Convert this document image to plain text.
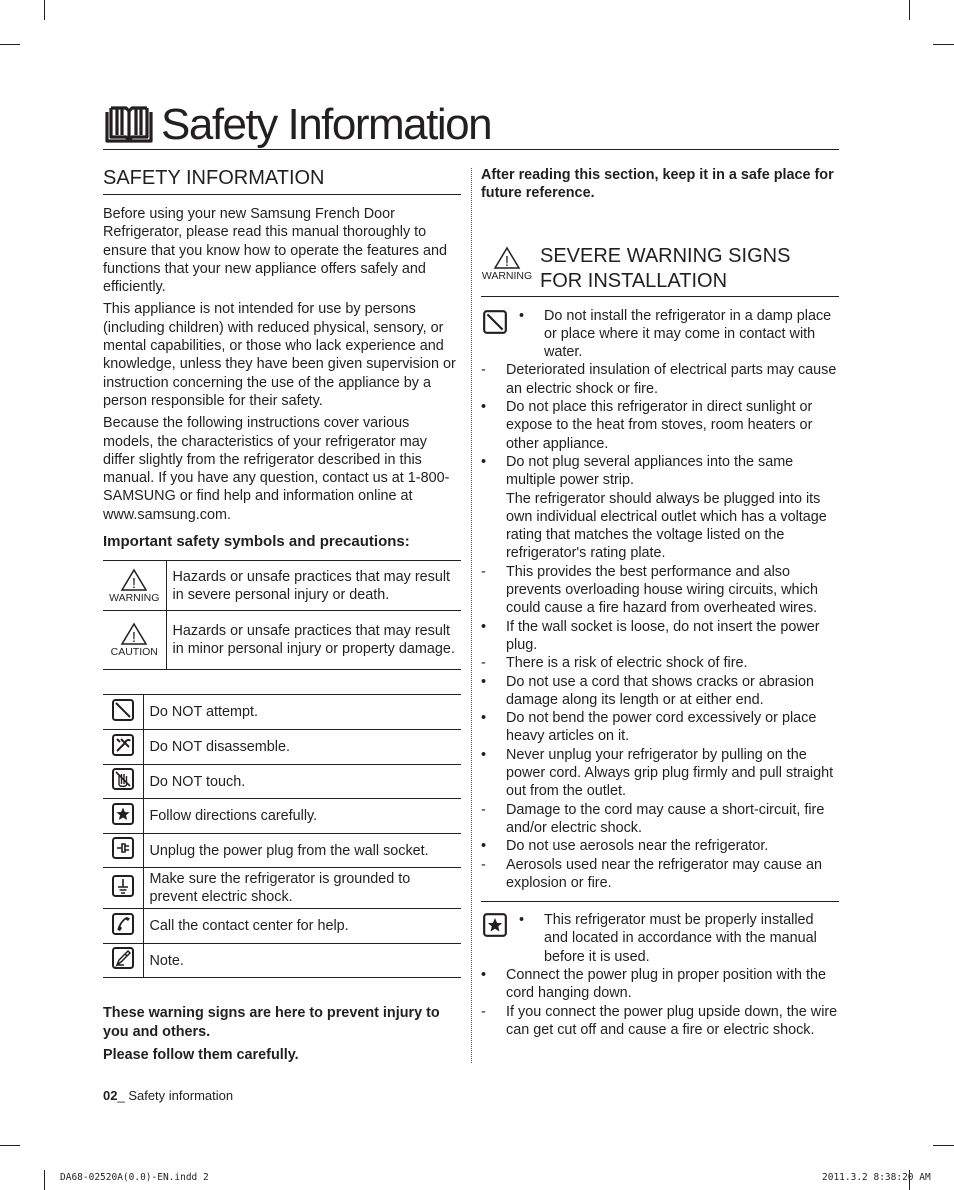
Safety Information
SAFETY INFORMATION

Before using your new Samsung French Door Refrigerator, please read this manual thoroughly to ensure that you know how to operate the features and functions that your new appliance offers safely and efficiently.

This appliance is not intended for use by persons (including children) with reduced physical, sensory, or mental capabilities, or those who lack experience and knowledge, unless they have been given supervision or instruction concerning the use of the appliance by a person responsible for their safety.

Because the following instructions cover various models, the characteristics of your refrigerator may differ slightly from the refrigerator described in this manual. If you have any question, contact us at 1-800-SAMSUNG or find help and information online at www.samsung.com.

Important safety symbols and precautions:

!
WARNING	Hazards or unsafe practices that may result in severe personal injury or death.

!
CAUTION	Hazards or unsafe practices that may result in minor personal injury or property damage.
	Do NOT attempt.
	Do NOT disassemble.
	Do NOT touch.
	Follow directions carefully.
	Unplug the power plug from the wall socket.
	Make sure the refrigerator is grounded to prevent electric shock.
	Call the contact center for help.
	Note.

These warning signs are here to prevent injury to you and others.

Please follow them carefully.

After reading this section, keep it in a safe place for future reference.

!
WARNING
SEVERE WARNING SIGNS FOR INSTALLATION
•	Do not install the refrigerator in a damp place or place where it may come in contact with water.
-	Deteriorated insulation of electrical parts may cause an electric shock or fire.
•	Do not place this refrigerator in direct sunlight or expose to the heat from stoves, room heaters or other appliance.
•	Do not plug several appliances into the same multiple power strip.
The refrigerator should always be plugged into its own individual electrical outlet which has a voltage rating that matches the voltage listed on the refrigerator's rating plate.
-	This provides the best performance and also prevents overloading house wiring circuits, which could cause a fire hazard from overheated wires.
•	If the wall socket is loose, do not insert the power plug.
-	There is a risk of electric shock of fire.
•	Do not use a cord that shows cracks or abrasion damage along its length or at either end.
•	Do not bend the power cord excessively or place heavy articles on it.
•	Never unplug your refrigerator by pulling on the power cord. Always grip plug firmly and pull straight out from the outlet.
-	Damage to the cord may cause a short-circuit, fire and/or electric shock.
•	Do not use aerosols near the refrigerator.
-	Aerosols used near the refrigerator may cause an explosion or fire.
•	This refrigerator must be properly installed and located in accordance with the manual before it is used.
•	Connect the power plug in proper position with the cord hanging down.
-	If you connect the power plug upside down, the wire can get cut off and cause a fire or electric shock.
02_ Safety information
DA68-02520A(0.0)-EN.indd 2	2011.3.2 8:38:20 AM
